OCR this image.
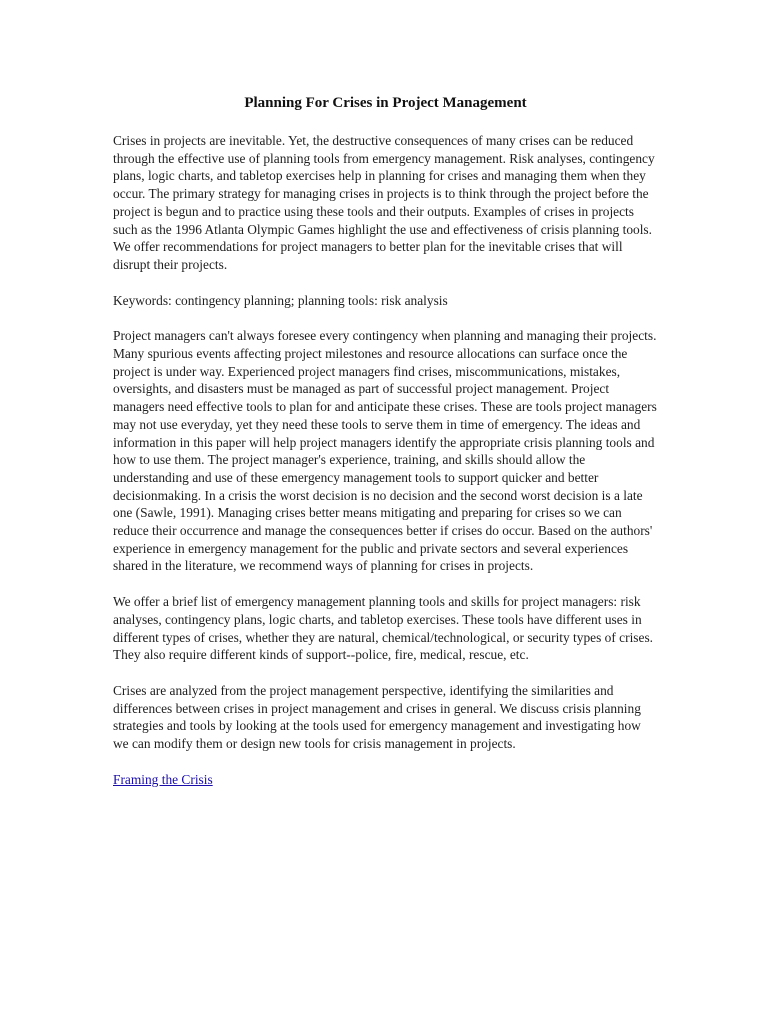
Planning For Crises in Project Management

Crises in projects are inevitable. Yet, the destructive consequences of many crises can be reduced through the effective use of planning tools from emergency management. Risk analyses, contingency plans, logic charts, and tabletop exercises help in planning for crises and managing them when they occur. The primary strategy for managing crises in projects is to think through the project before the project is begun and to practice using these tools and their outputs. Examples of crises in projects such as the 1996 Atlanta Olympic Games highlight the use and effectiveness of crisis planning tools. We offer recommendations for project managers to better plan for the inevitable crises that will disrupt their projects.

Keywords: contingency planning; planning tools: risk analysis

Project managers can't always foresee every contingency when planning and managing their projects. Many spurious events affecting project milestones and resource allocations can surface once the project is under way. Experienced project managers find crises, miscommunications, mistakes, oversights, and disasters must be managed as part of successful project management. Project managers need effective tools to plan for and anticipate these crises. These are tools project managers may not use everyday, yet they need these tools to serve them in time of emergency. The ideas and information in this paper will help project managers identify the appropriate crisis planning tools and how to use them. The project manager's experience, training, and skills should allow the understanding and use of these emergency management tools to support quicker and better decisionmaking. In a crisis the worst decision is no decision and the second worst decision is a late one (Sawle, 1991). Managing crises better means mitigating and preparing for crises so we can reduce their occurrence and manage the consequences better if crises do occur. Based on the authors' experience in emergency management for the public and private sectors and several experiences shared in the literature, we recommend ways of planning for crises in projects.

We offer a brief list of emergency management planning tools and skills for project managers: risk analyses, contingency plans, logic charts, and tabletop exercises. These tools have different uses in different types of crises, whether they are natural, chemical/technological, or security types of crises. They also require different kinds of support--police, fire, medical, rescue, etc.

Crises are analyzed from the project management perspective, identifying the similarities and differences between crises in project management and crises in general. We discuss crisis planning strategies and tools by looking at the tools used for emergency management and investigating how we can modify them or design new tools for crisis management in projects.

Framing the Crisis
